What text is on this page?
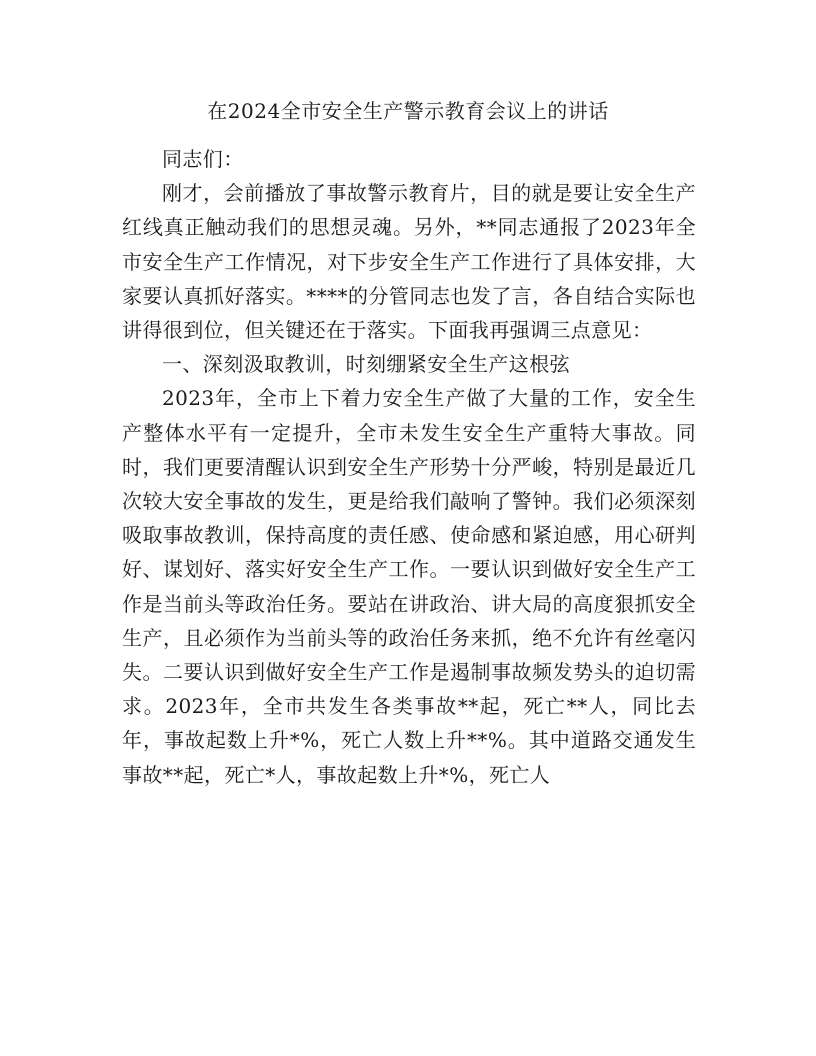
在2024全市安全生产警示教育会议上的讲话

同志们：

刚才，会前播放了事故警示教育片，目的就是要让安全生产红线真正触动我们的思想灵魂。另外，**同志通报了2023年全市安全生产工作情况，对下步安全生产工作进行了具体安排，大家要认真抓好落实。****的分管同志也发了言，各自结合实际也讲得很到位，但关键还在于落实。下面我再强调三点意见：

一、深刻汲取教训，时刻绷紧安全生产这根弦

2023年，全市上下着力安全生产做了大量的工作，安全生产整体水平有一定提升，全市未发生安全生产重特大事故。同时，我们更要清醒认识到安全生产形势十分严峻，特别是最近几次较大安全事故的发生，更是给我们敲响了警钟。我们必须深刻吸取事故教训，保持高度的责任感、使命感和紧迫感，用心研判好、谋划好、落实好安全生产工作。一要认识到做好安全生产工作是当前头等政治任务。要站在讲政治、讲大局的高度狠抓安全生产，且必须作为当前头等的政治任务来抓，绝不允许有丝毫闪失。二要认识到做好安全生产工作是遏制事故频发势头的迫切需求。2023年，全市共发生各类事故**起，死亡**人，同比去年，事故起数上升*%，死亡人数上升**%。其中道路交通发生事故**起，死亡*人，事故起数上升*%，死亡人
